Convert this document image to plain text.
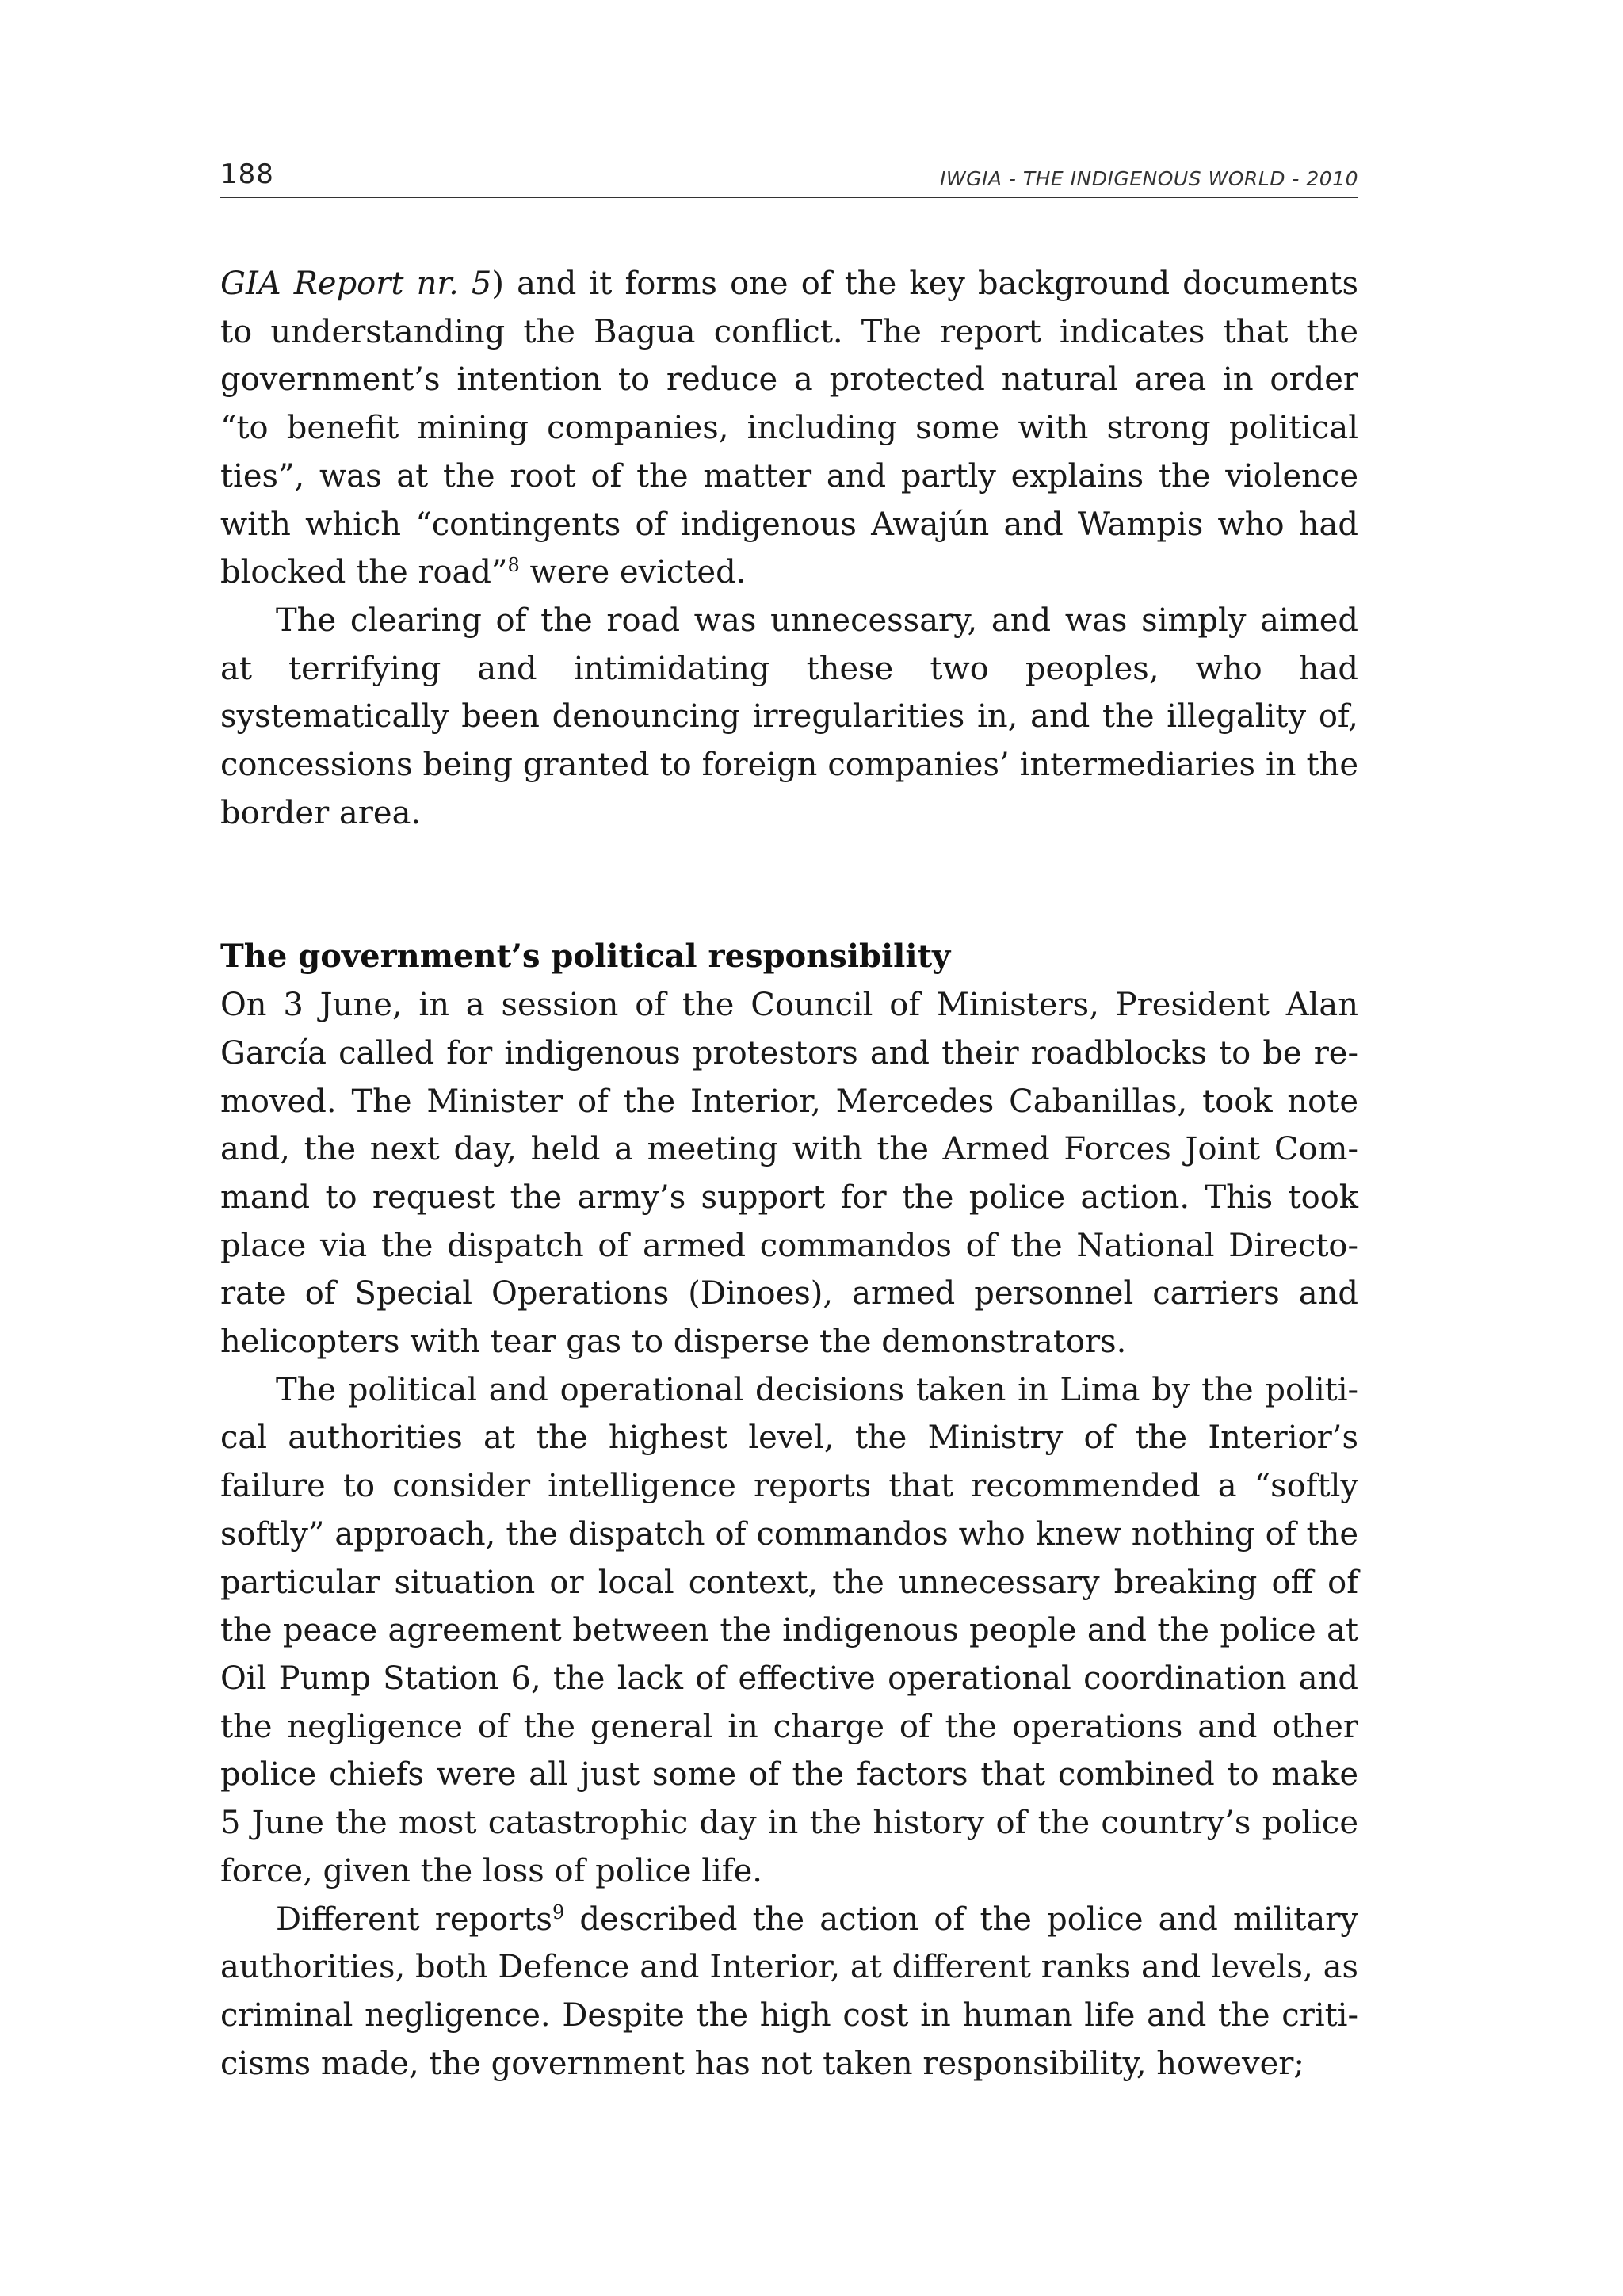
188	IWGIA - THE INDIGENOUS WORLD - 2010

GIA Report nr. 5) and it forms one of the key background documents to understanding the Bagua conflict. The report indicates that the government’s intention to reduce a protected natural area in order “to benefit mining companies, including some with strong political ties”, was at the root of the matter and partly explains the violence with which “contingents of indigenous Awajún and Wampis who had blocked the road”$^8$ were evicted.

The clearing of the road was unnecessary, and was simply aimed at terrifying and intimidating these two peoples, who had systematically been denouncing irregularities in, and the illegality of, concessions being granted to foreign companies’ intermediaries in the border area.

The government’s political responsibility

On 3 June, in a session of the Council of Ministers, President Alan García called for indigenous protestors and their roadblocks to be removed. The Minister of the Interior, Mercedes Cabanillas, took note and, the next day, held a meeting with the Armed Forces Joint Command to request the army’s support for the police action. This took place via the dispatch of armed commandos of the National Directorate of Special Operations (Dinoes), armed personnel carriers and helicopters with tear gas to disperse the demonstrators.

The political and operational decisions taken in Lima by the political authorities at the highest level, the Ministry of the Interior’s failure to consider intelligence reports that recommended a “softly softly” approach, the dispatch of commandos who knew nothing of the particular situation or local context, the unnecessary breaking off of the peace agreement between the indigenous people and the police at Oil Pump Station 6, the lack of effective operational coordination and the negligence of the general in charge of the operations and other police chiefs were all just some of the factors that combined to make 5 June the most catastrophic day in the history of the country’s police force, given the loss of police life.

Different reports$^9$ described the action of the police and military authorities, both Defence and Interior, at different ranks and levels, as criminal negligence. Despite the high cost in human life and the criticisms made, the government has not taken responsibility, however;
